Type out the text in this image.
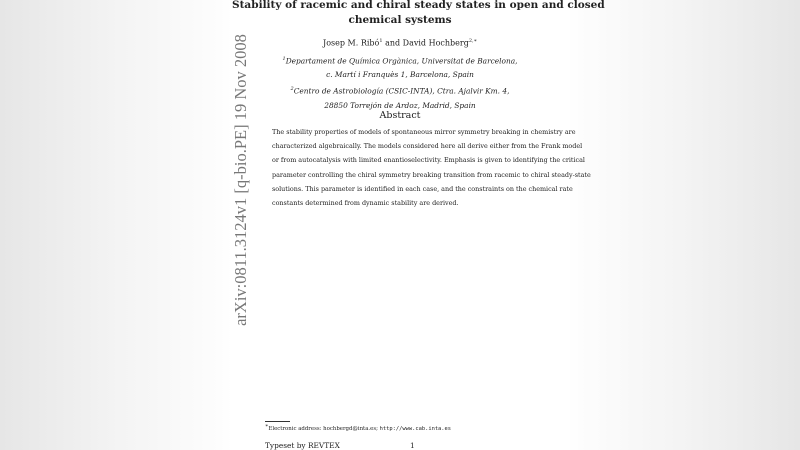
Stability of racemic and chiral steady states in open and closed
chemical systems
Josep M. Ribó$^1$ and David Hochberg$^{2,∗}$
$^1$Departament de Química Orgànica, Universitat de Barcelona,
c. Martí i Franquès 1, Barcelona, Spain
$^2$Centro de Astrobiología (CSIC-INTA), Ctra. Ajalvir Km. 4,
28850 Torrejón de Ardoz, Madrid, Spain
Abstract
The stability properties of models of spontaneous mirror symmetry breaking in chemistry are
characterized algebraically. The models considered here all derive either from the Frank model
or from autocatalysis with limited enantioselectivity. Emphasis is given to identifying the critical
parameter controlling the chiral symmetry breaking transition from racemic to chiral steady-state
solutions. This parameter is identified in each case, and the constraints on the chemical rate
constants determined from dynamic stability are derived.
arXiv:0811.3124v1 [q-bio.PE] 19 Nov 2008
∗Electronic address: hochbergd@inta.es; http://www.cab.inta.es
Typeset by REVTEX	1
